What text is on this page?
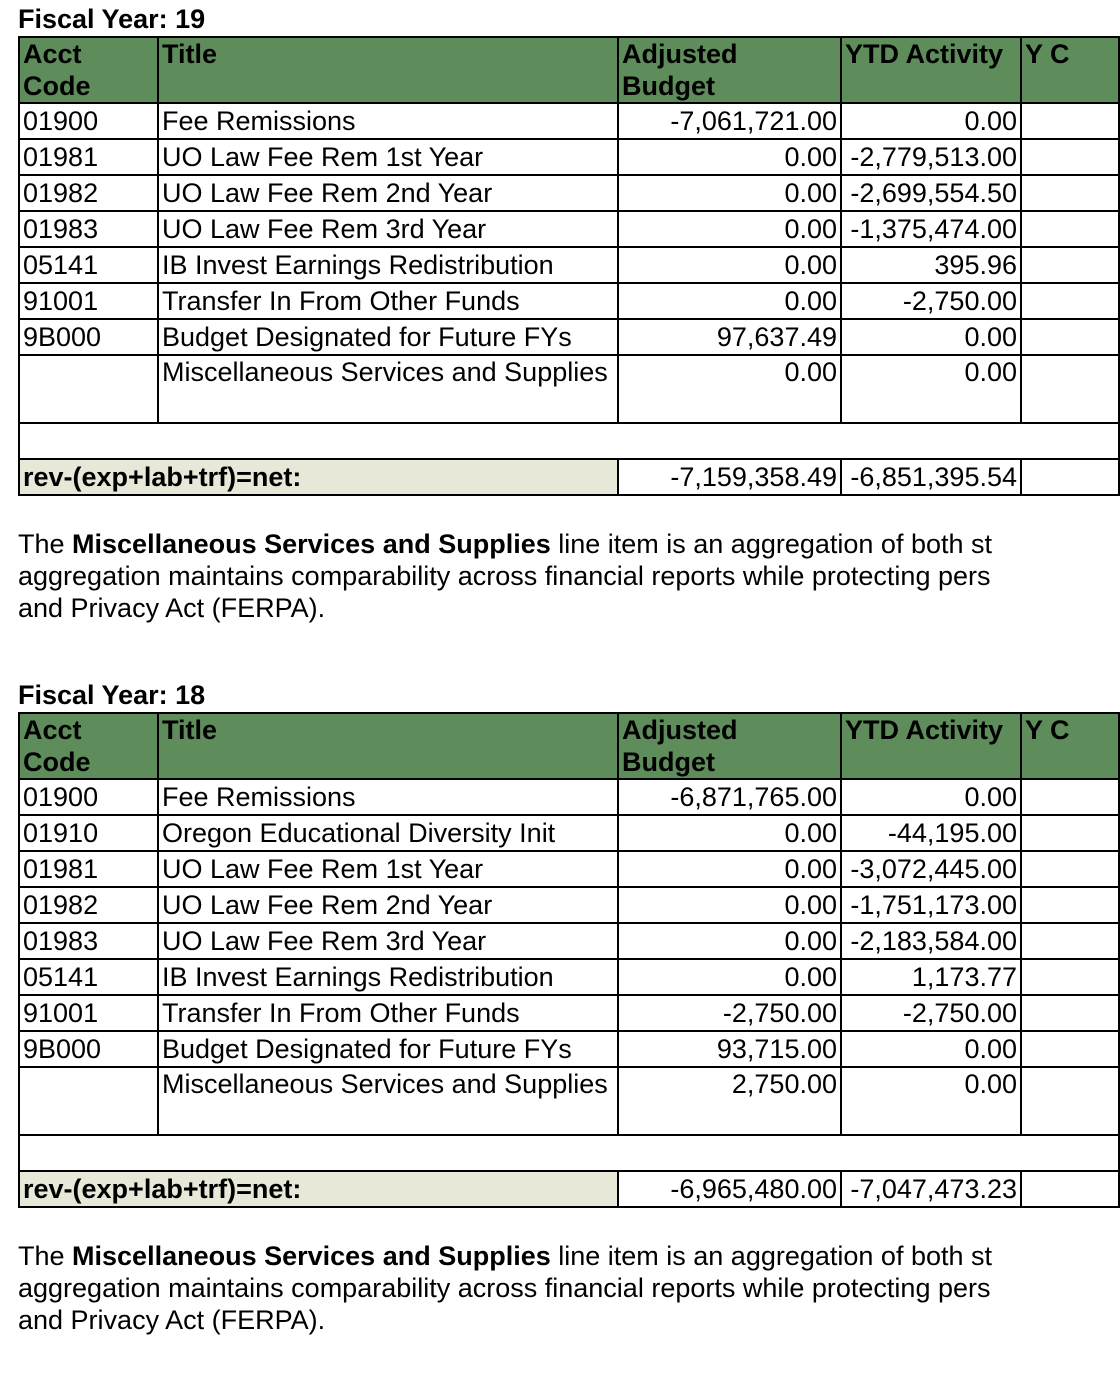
Fiscal Year: 19
Acct Code	Title	Adjusted Budget	YTD Activity	Y C
01900	Fee Remissions	-7,061,721.00	0.00	
01981	UO Law Fee Rem 1st Year	0.00	-2,779,513.00	
01982	UO Law Fee Rem 2nd Year	0.00	-2,699,554.50	
01983	UO Law Fee Rem 3rd Year	0.00	-1,375,474.00	
05141	IB Invest Earnings Redistribution	0.00	395.96	
91001	Transfer In From Other Funds	0.00	-2,750.00	
9B000	Budget Designated for Future FYs	97,637.49	0.00	
	Miscellaneous Services and Supplies	0.00	0.00	

rev-(exp+lab+trf)=net:		-7,159,358.49	-6,851,395.54	

The Miscellaneous Services and Supplies line item is an aggregation of both st
aggregation maintains comparability across financial reports while protecting pers
and Privacy Act (FERPA).

Fiscal Year: 18
Acct Code	Title	Adjusted Budget	YTD Activity	Y C
01900	Fee Remissions	-6,871,765.00	0.00	
01910	Oregon Educational Diversity Init	0.00	-44,195.00	
01981	UO Law Fee Rem 1st Year	0.00	-3,072,445.00	
01982	UO Law Fee Rem 2nd Year	0.00	-1,751,173.00	
01983	UO Law Fee Rem 3rd Year	0.00	-2,183,584.00	
05141	IB Invest Earnings Redistribution	0.00	1,173.77	
91001	Transfer In From Other Funds	-2,750.00	-2,750.00	
9B000	Budget Designated for Future FYs	93,715.00	0.00	
	Miscellaneous Services and Supplies	2,750.00	0.00	

rev-(exp+lab+trf)=net:		-6,965,480.00	-7,047,473.23	

The Miscellaneous Services and Supplies line item is an aggregation of both st
aggregation maintains comparability across financial reports while protecting pers
and Privacy Act (FERPA).
